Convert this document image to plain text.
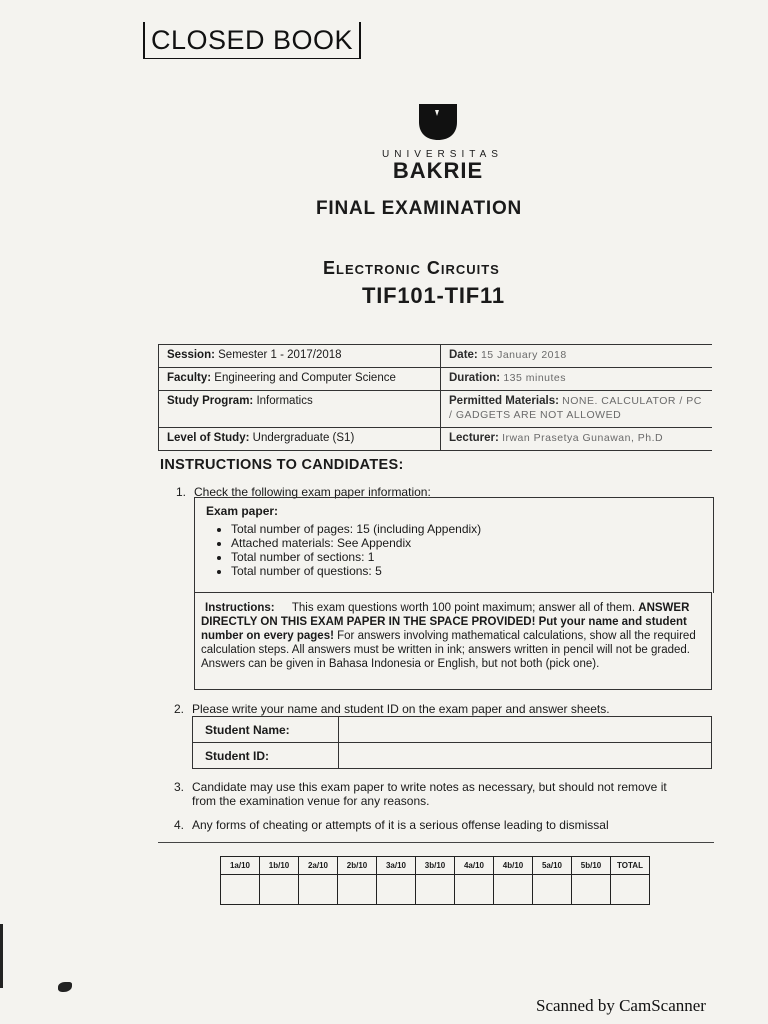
CLOSED BOOK
UNIVERSITAS
BAKRIE
FINAL EXAMINATION
Electronic Circuits
TIF101-TIF11
Session: Semester 1 - 2017/2018	Date: 15 January 2018
Faculty: Engineering and Computer Science	Duration: 135 minutes
Study Program: Informatics	Permitted Materials: NONE. CALCULATOR / PC / GADGETS ARE NOT ALLOWED
Level of Study: Undergraduate (S1)	Lecturer: Irwan Prasetya Gunawan, Ph.D
INSTRUCTIONS TO CANDIDATES:
1. Check the following exam paper information:
Exam paper:
• Total number of pages: 15 (including Appendix)
• Attached materials: See Appendix
• Total number of sections: 1
• Total number of questions: 5
Instructions: This exam questions worth 100 point maximum; answer all of them. ANSWER DIRECTLY ON THIS EXAM PAPER IN THE SPACE PROVIDED! Put your name and student number on every pages! For answers involving mathematical calculations, show all the required calculation steps. All answers must be written in ink; answers written in pencil will not be graded. Answers can be given in Bahasa Indonesia or English, but not both (pick one).
2. Please write your name and student ID on the exam paper and answer sheets.
Student Name:	
Student ID:	
3. Candidate may use this exam paper to write notes as necessary, but should not remove it
from the examination venue for any reasons.
4. Any forms of cheating or attempts of it is a serious offense leading to dismissal
1a/10	1b/10	2a/10	2b/10	3a/10	3b/10	4a/10	4b/10	5a/10	5b/10	TOTAL

Scanned by CamScanner
